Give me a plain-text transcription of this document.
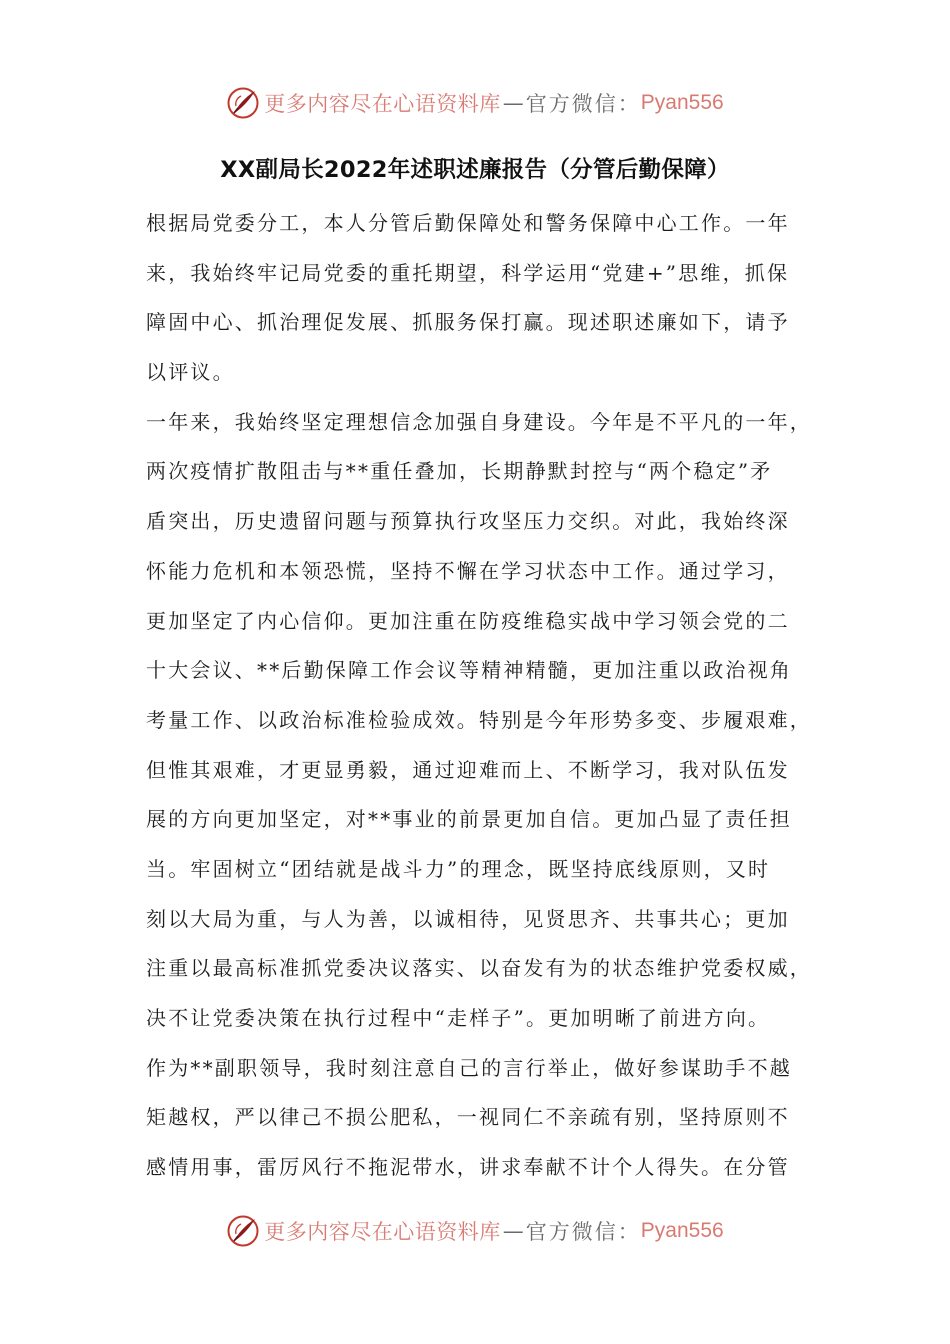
更多内容尽在心语资料库 — 官方微信： Pyan556
XX副局长2022年述职述廉报告（分管后勤保障）
根据局党委分工，本人分管后勤保障处和警务保障中心工作。一年
来，我始终牢记局党委的重托期望，科学运用“党建+”思维，抓保
障固中心、抓治理促发展、抓服务保打赢。现述职述廉如下，请予
以评议。
一年来，我始终坚定理想信念加强自身建设。今年是不平凡的一年，
两次疫情扩散阻击与**重任叠加，长期静默封控与“两个稳定”矛
盾突出，历史遗留问题与预算执行攻坚压力交织。对此，我始终深
怀能力危机和本领恐慌，坚持不懈在学习状态中工作。通过学习，
更加坚定了内心信仰。更加注重在防疫维稳实战中学习领会党的二
十大会议、**后勤保障工作会议等精神精髓，更加注重以政治视角
考量工作、以政治标准检验成效。特别是今年形势多变、步履艰难，
但惟其艰难，才更显勇毅，通过迎难而上、不断学习，我对队伍发
展的方向更加坚定，对**事业的前景更加自信。更加凸显了责任担
当。牢固树立“团结就是战斗力”的理念，既坚持底线原则，又时
刻以大局为重，与人为善，以诚相待，见贤思齐、共事共心；更加
注重以最高标准抓党委决议落实、以奋发有为的状态维护党委权威，
决不让党委决策在执行过程中“走样子”。更加明晰了前进方向。
作为**副职领导，我时刻注意自己的言行举止，做好参谋助手不越
矩越权，严以律己不损公肥私，一视同仁不亲疏有别，坚持原则不
感情用事，雷厉风行不拖泥带水，讲求奉献不计个人得失。在分管
更多内容尽在心语资料库 — 官方微信： Pyan556
